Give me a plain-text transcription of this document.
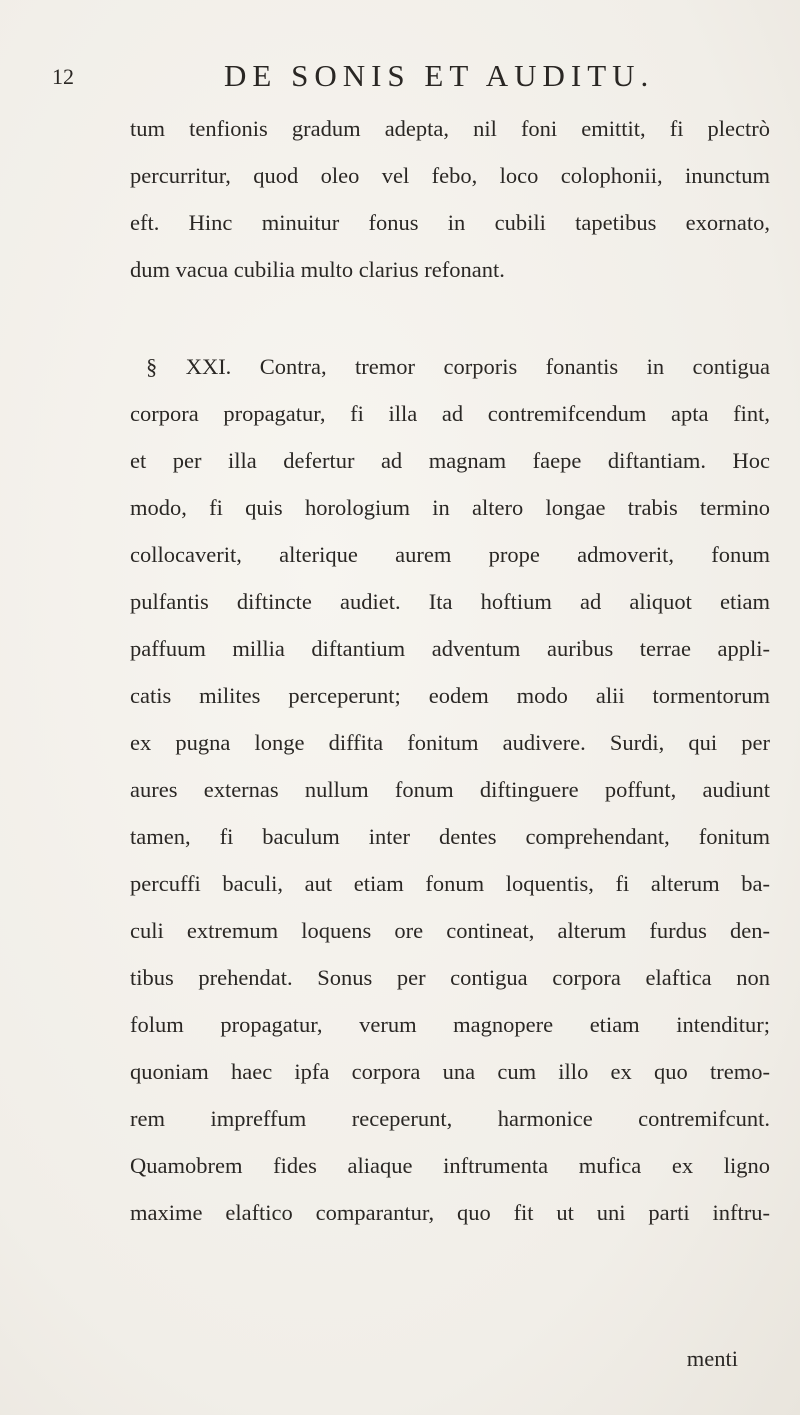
12	DE SONIS ET AUDITU.
tum tenfionis gradum adepta, nil foni emittit, fi plectrò
percurritur, quod oleo vel febo, loco colophonii, inunctum
eft. Hinc minuitur fonus in cubili tapetibus exornato,
dum vacua cubilia multo clarius refonant.
§ XXI. Contra, tremor corporis fonantis in contigua
corpora propagatur, fi illa ad contremifcendum apta fint,
et per illa defertur ad magnam faepe diftantiam. Hoc
modo, fi quis horologium in altero longae trabis termino
collocaverit, alterique aurem prope admoverit, fonum
pulfantis diftincte audiet. Ita hoftium ad aliquot etiam
paffuum millia diftantium adventum auribus terrae appli-
catis milites perceperunt; eodem modo alii tormentorum
ex pugna longe diffita fonitum audivere. Surdi, qui per
aures externas nullum fonum diftinguere poffunt, audiunt
tamen, fi baculum inter dentes comprehendant, fonitum
percuffi baculi, aut etiam fonum loquentis, fi alterum ba-
culi extremum loquens ore contineat, alterum furdus den-
tibus prehendat. Sonus per contigua corpora elaftica non
folum propagatur, verum magnopere etiam intenditur;
quoniam haec ipfa corpora una cum illo ex quo tremo-
rem impreffum receperunt, harmonice contremifcunt.
Quamobrem fides aliaque inftrumenta mufica ex ligno
maxime elaftico comparantur, quo fit ut uni parti inftru-
menti
